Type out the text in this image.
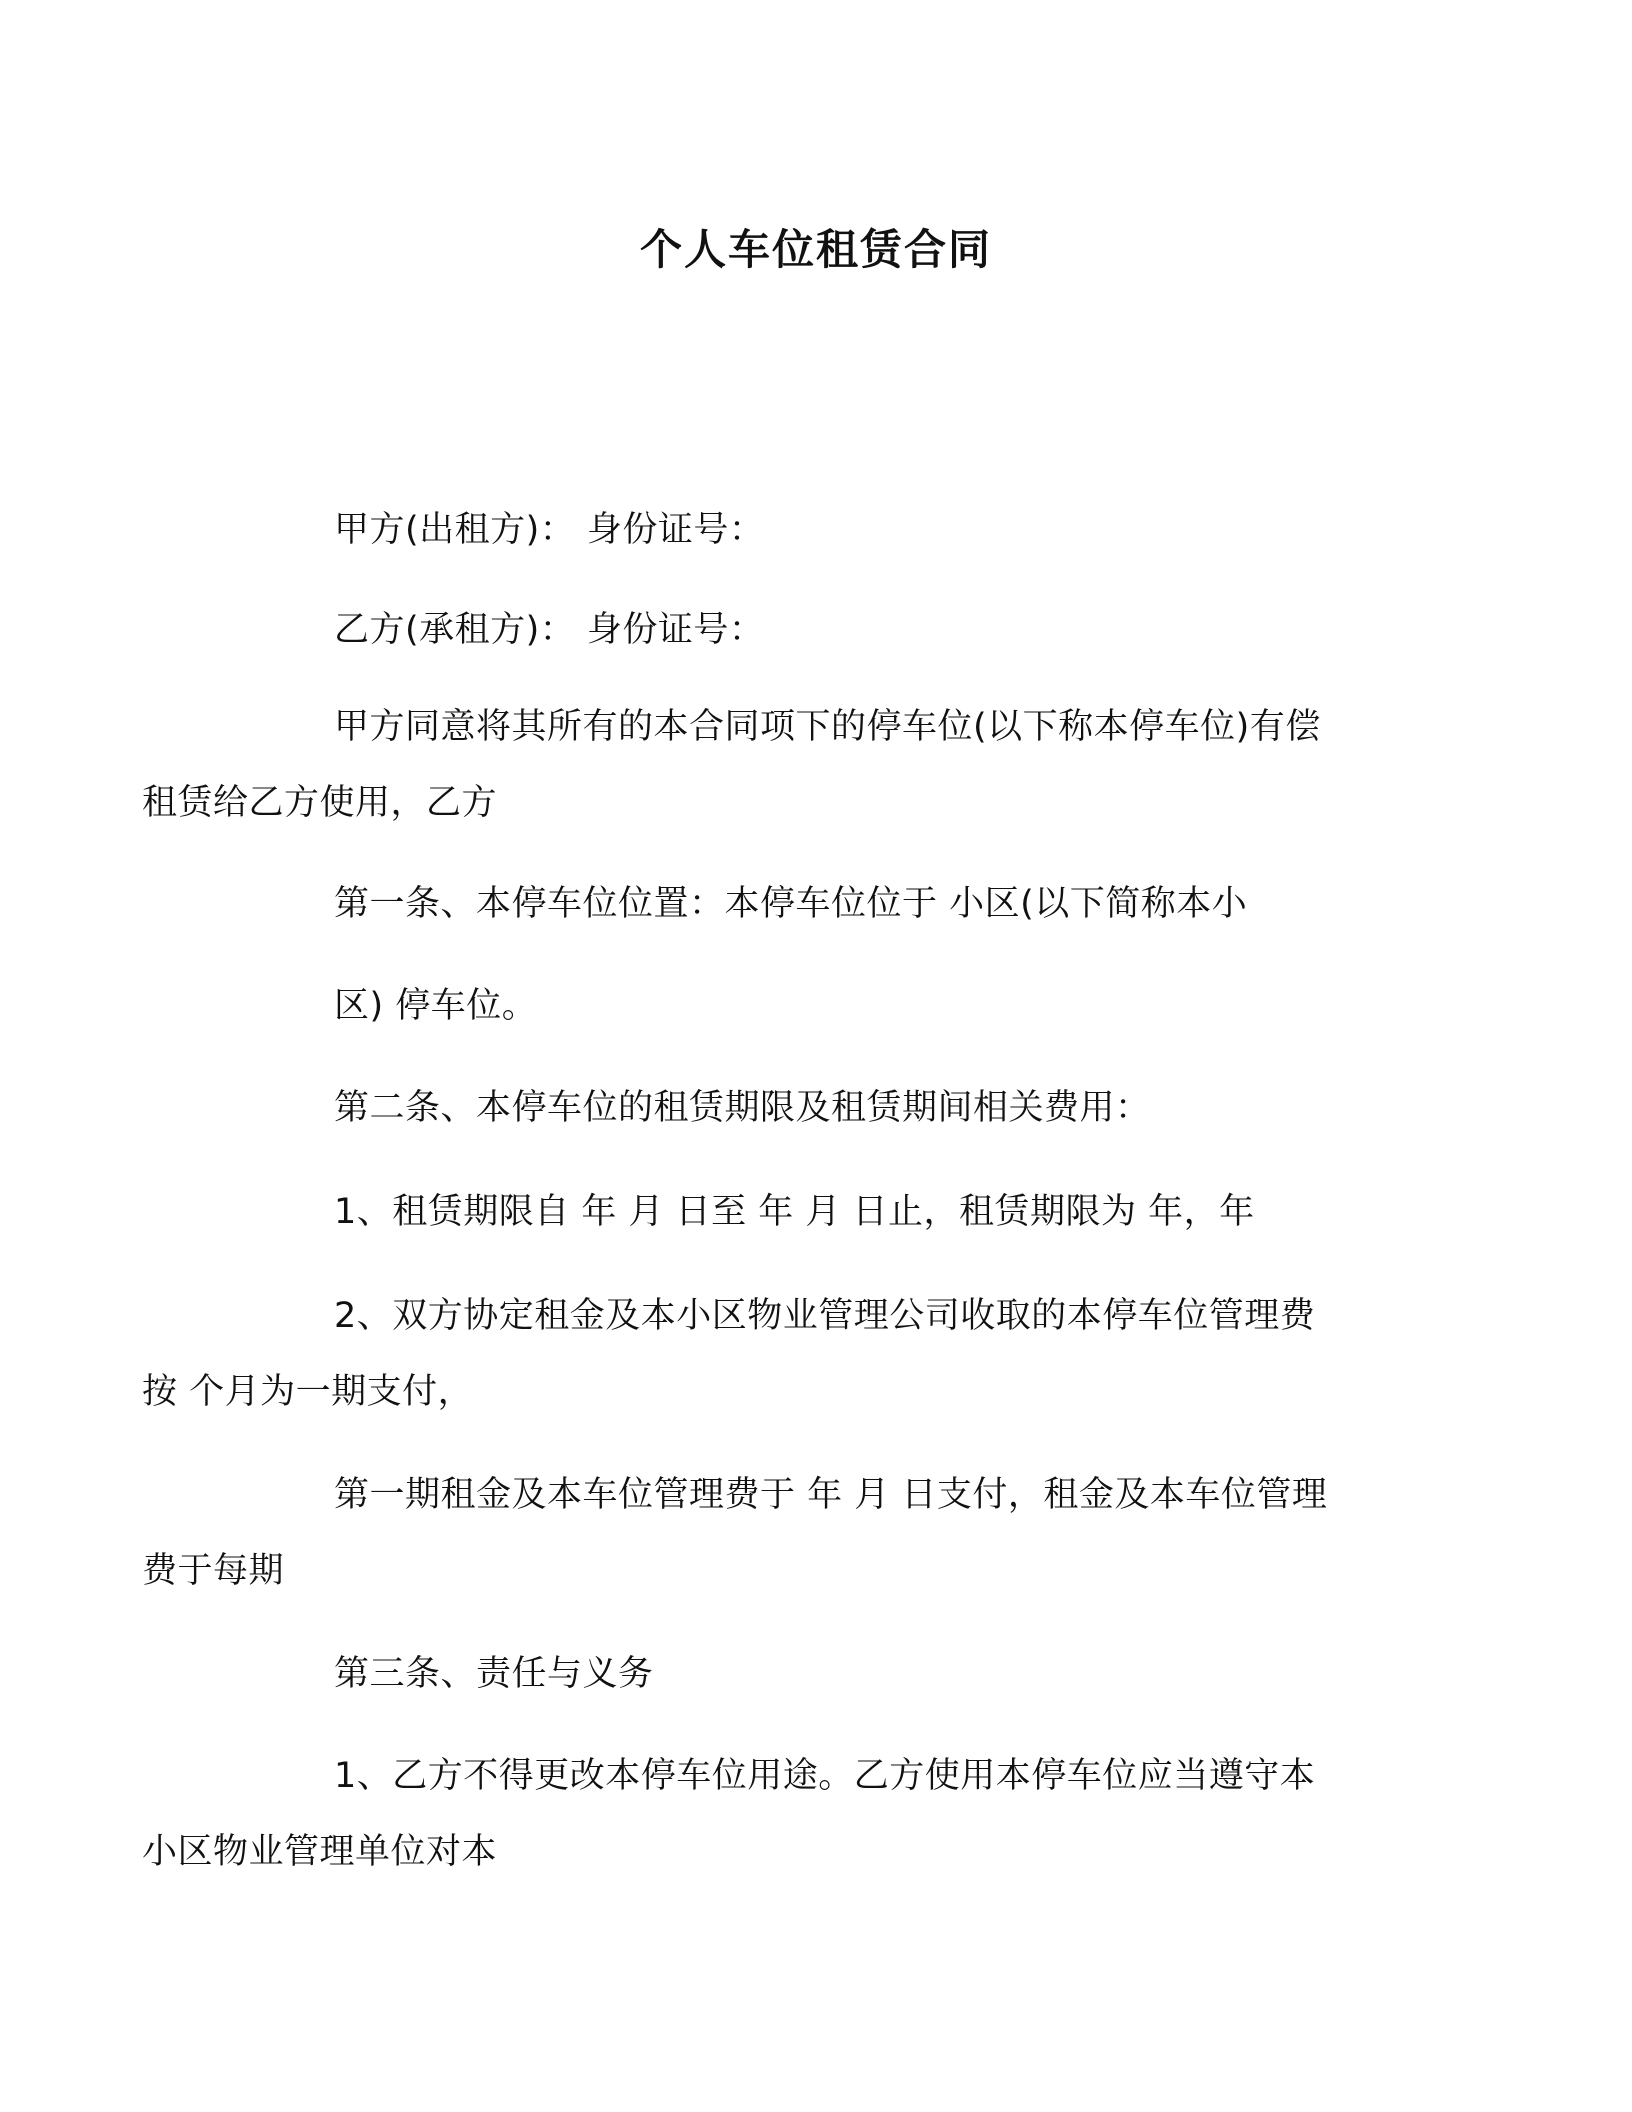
个人车位租赁合同

甲方(出租方)： 身份证号：

乙方(承租方)： 身份证号：

甲方同意将其所有的本合同项下的停车位(以下称本停车位)有偿
租赁给乙方使用，乙方

第一条、本停车位位置：本停车位位于 小区(以下简称本小

区) 停车位。

第二条、本停车位的租赁期限及租赁期间相关费用：

1、租赁期限自 年 月 日至 年 月 日止，租赁期限为 年，年

2、双方协定租金及本小区物业管理公司收取的本停车位管理费
按 个月为一期支付，

第一期租金及本车位管理费于 年 月 日支付，租金及本车位管理
费于每期

第三条、责任与义务

1、乙方不得更改本停车位用途。乙方使用本停车位应当遵守本
小区物业管理单位对本
